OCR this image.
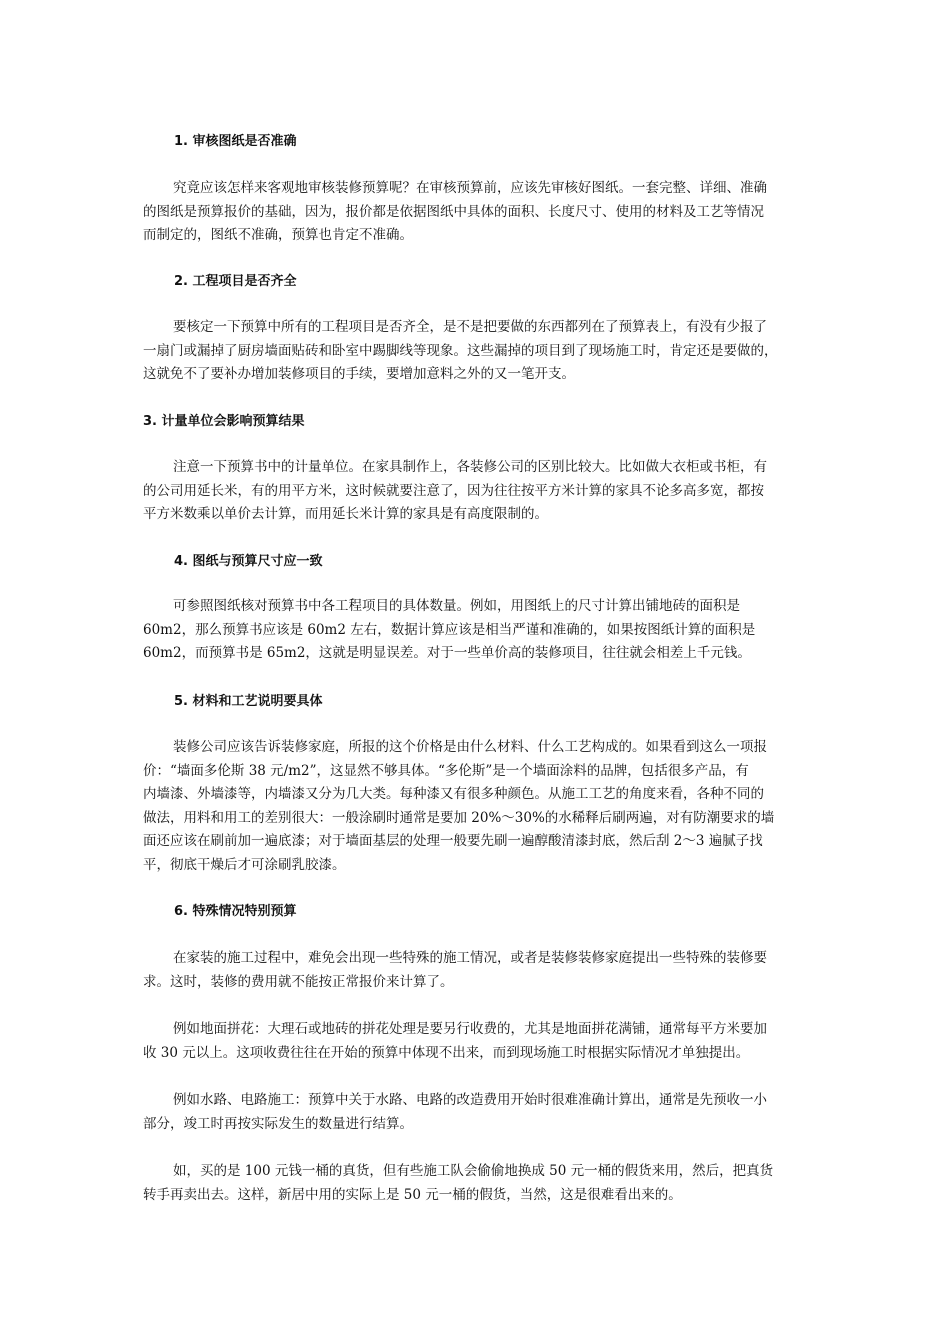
1. 审核图纸是否准确
究竟应该怎样来客观地审核装修预算呢？在审核预算前，应该先审核好图纸。一套完整、详细、准确
的图纸是预算报价的基础，因为，报价都是依据图纸中具体的面积、长度尺寸、使用的材料及工艺等情况
而制定的，图纸不准确，预算也肯定不准确。
2. 工程项目是否齐全
要核定一下预算中所有的工程项目是否齐全，是不是把要做的东西都列在了预算表上，有没有少报了
一扇门或漏掉了厨房墙面贴砖和卧室中踢脚线等现象。这些漏掉的项目到了现场施工时，肯定还是要做的，
这就免不了要补办增加装修项目的手续，要增加意料之外的又一笔开支。
3. 计量单位会影响预算结果
注意一下预算书中的计量单位。在家具制作上，各装修公司的区别比较大。比如做大衣柜或书柜，有
的公司用延长米，有的用平方米，这时候就要注意了，因为往往按平方米计算的家具不论多高多宽，都按
平方米数乘以单价去计算，而用延长米计算的家具是有高度限制的。
4. 图纸与预算尺寸应一致
可参照图纸核对预算书中各工程项目的具体数量。例如，用图纸上的尺寸计算出铺地砖的面积是
60m2，那么预算书应该是 60m2 左右，数据计算应该是相当严谨和准确的，如果按图纸计算的面积是
60m2，而预算书是 65m2，这就是明显误差。对于一些单价高的装修项目，往往就会相差上千元钱。
5. 材料和工艺说明要具体
装修公司应该告诉装修家庭，所报的这个价格是由什么材料、什么工艺构成的。如果看到这么一项报
价：“墙面多伦斯 38 元/m2”，这显然不够具体。“多伦斯”是一个墙面涂料的品牌，包括很多产品，有
内墙漆、外墙漆等，内墙漆又分为几大类。每种漆又有很多种颜色。从施工工艺的角度来看，各种不同的
做法，用料和用工的差别很大：一般涂刷时通常是要加 20%～30%的水稀释后刷两遍，对有防潮要求的墙
面还应该在刷前加一遍底漆；对于墙面基层的处理一般要先刷一遍醇酸清漆封底，然后刮 2～3 遍腻子找
平，彻底干燥后才可涂刷乳胶漆。
6. 特殊情况特别预算
在家装的施工过程中，难免会出现一些特殊的施工情况，或者是装修装修家庭提出一些特殊的装修要
求。这时，装修的费用就不能按正常报价来计算了。
例如地面拼花：大理石或地砖的拼花处理是要另行收费的，尤其是地面拼花满铺，通常每平方米要加
收 30 元以上。这项收费往往在开始的预算中体现不出来，而到现场施工时根据实际情况才单独提出。
例如水路、电路施工：预算中关于水路、电路的改造费用开始时很难准确计算出，通常是先预收一小
部分，竣工时再按实际发生的数量进行结算。
如，买的是 100 元钱一桶的真货，但有些施工队会偷偷地换成 50 元一桶的假货来用，然后，把真货
转手再卖出去。这样，新居中用的实际上是 50 元一桶的假货，当然，这是很难看出来的。
